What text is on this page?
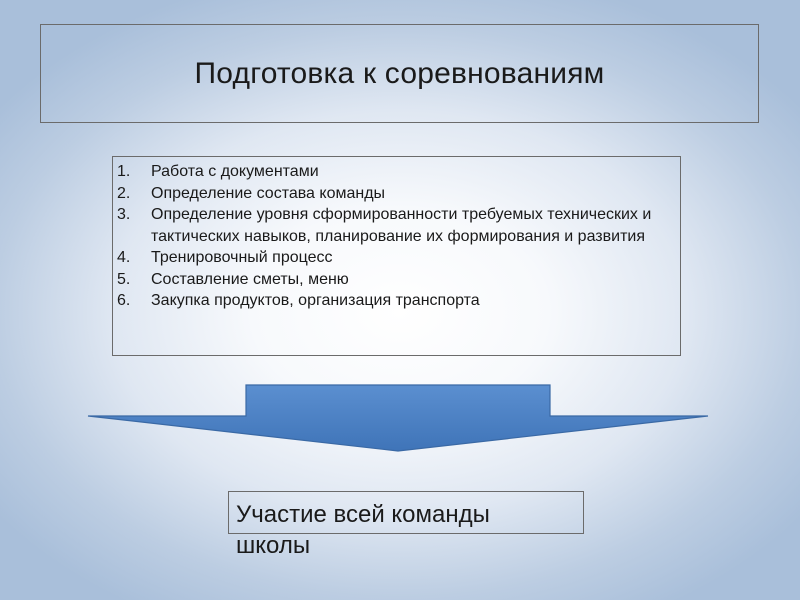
Подготовка к соревнованиям
1. Работа с документами
2. Определение состава команды
3. Определение уровня сформированности требуемых технических и тактических навыков, планирование их формирования и развития
4. Тренировочный процесс
5. Составление сметы, меню
6. Закупка продуктов, организация транспорта
Участие всей команды школы
